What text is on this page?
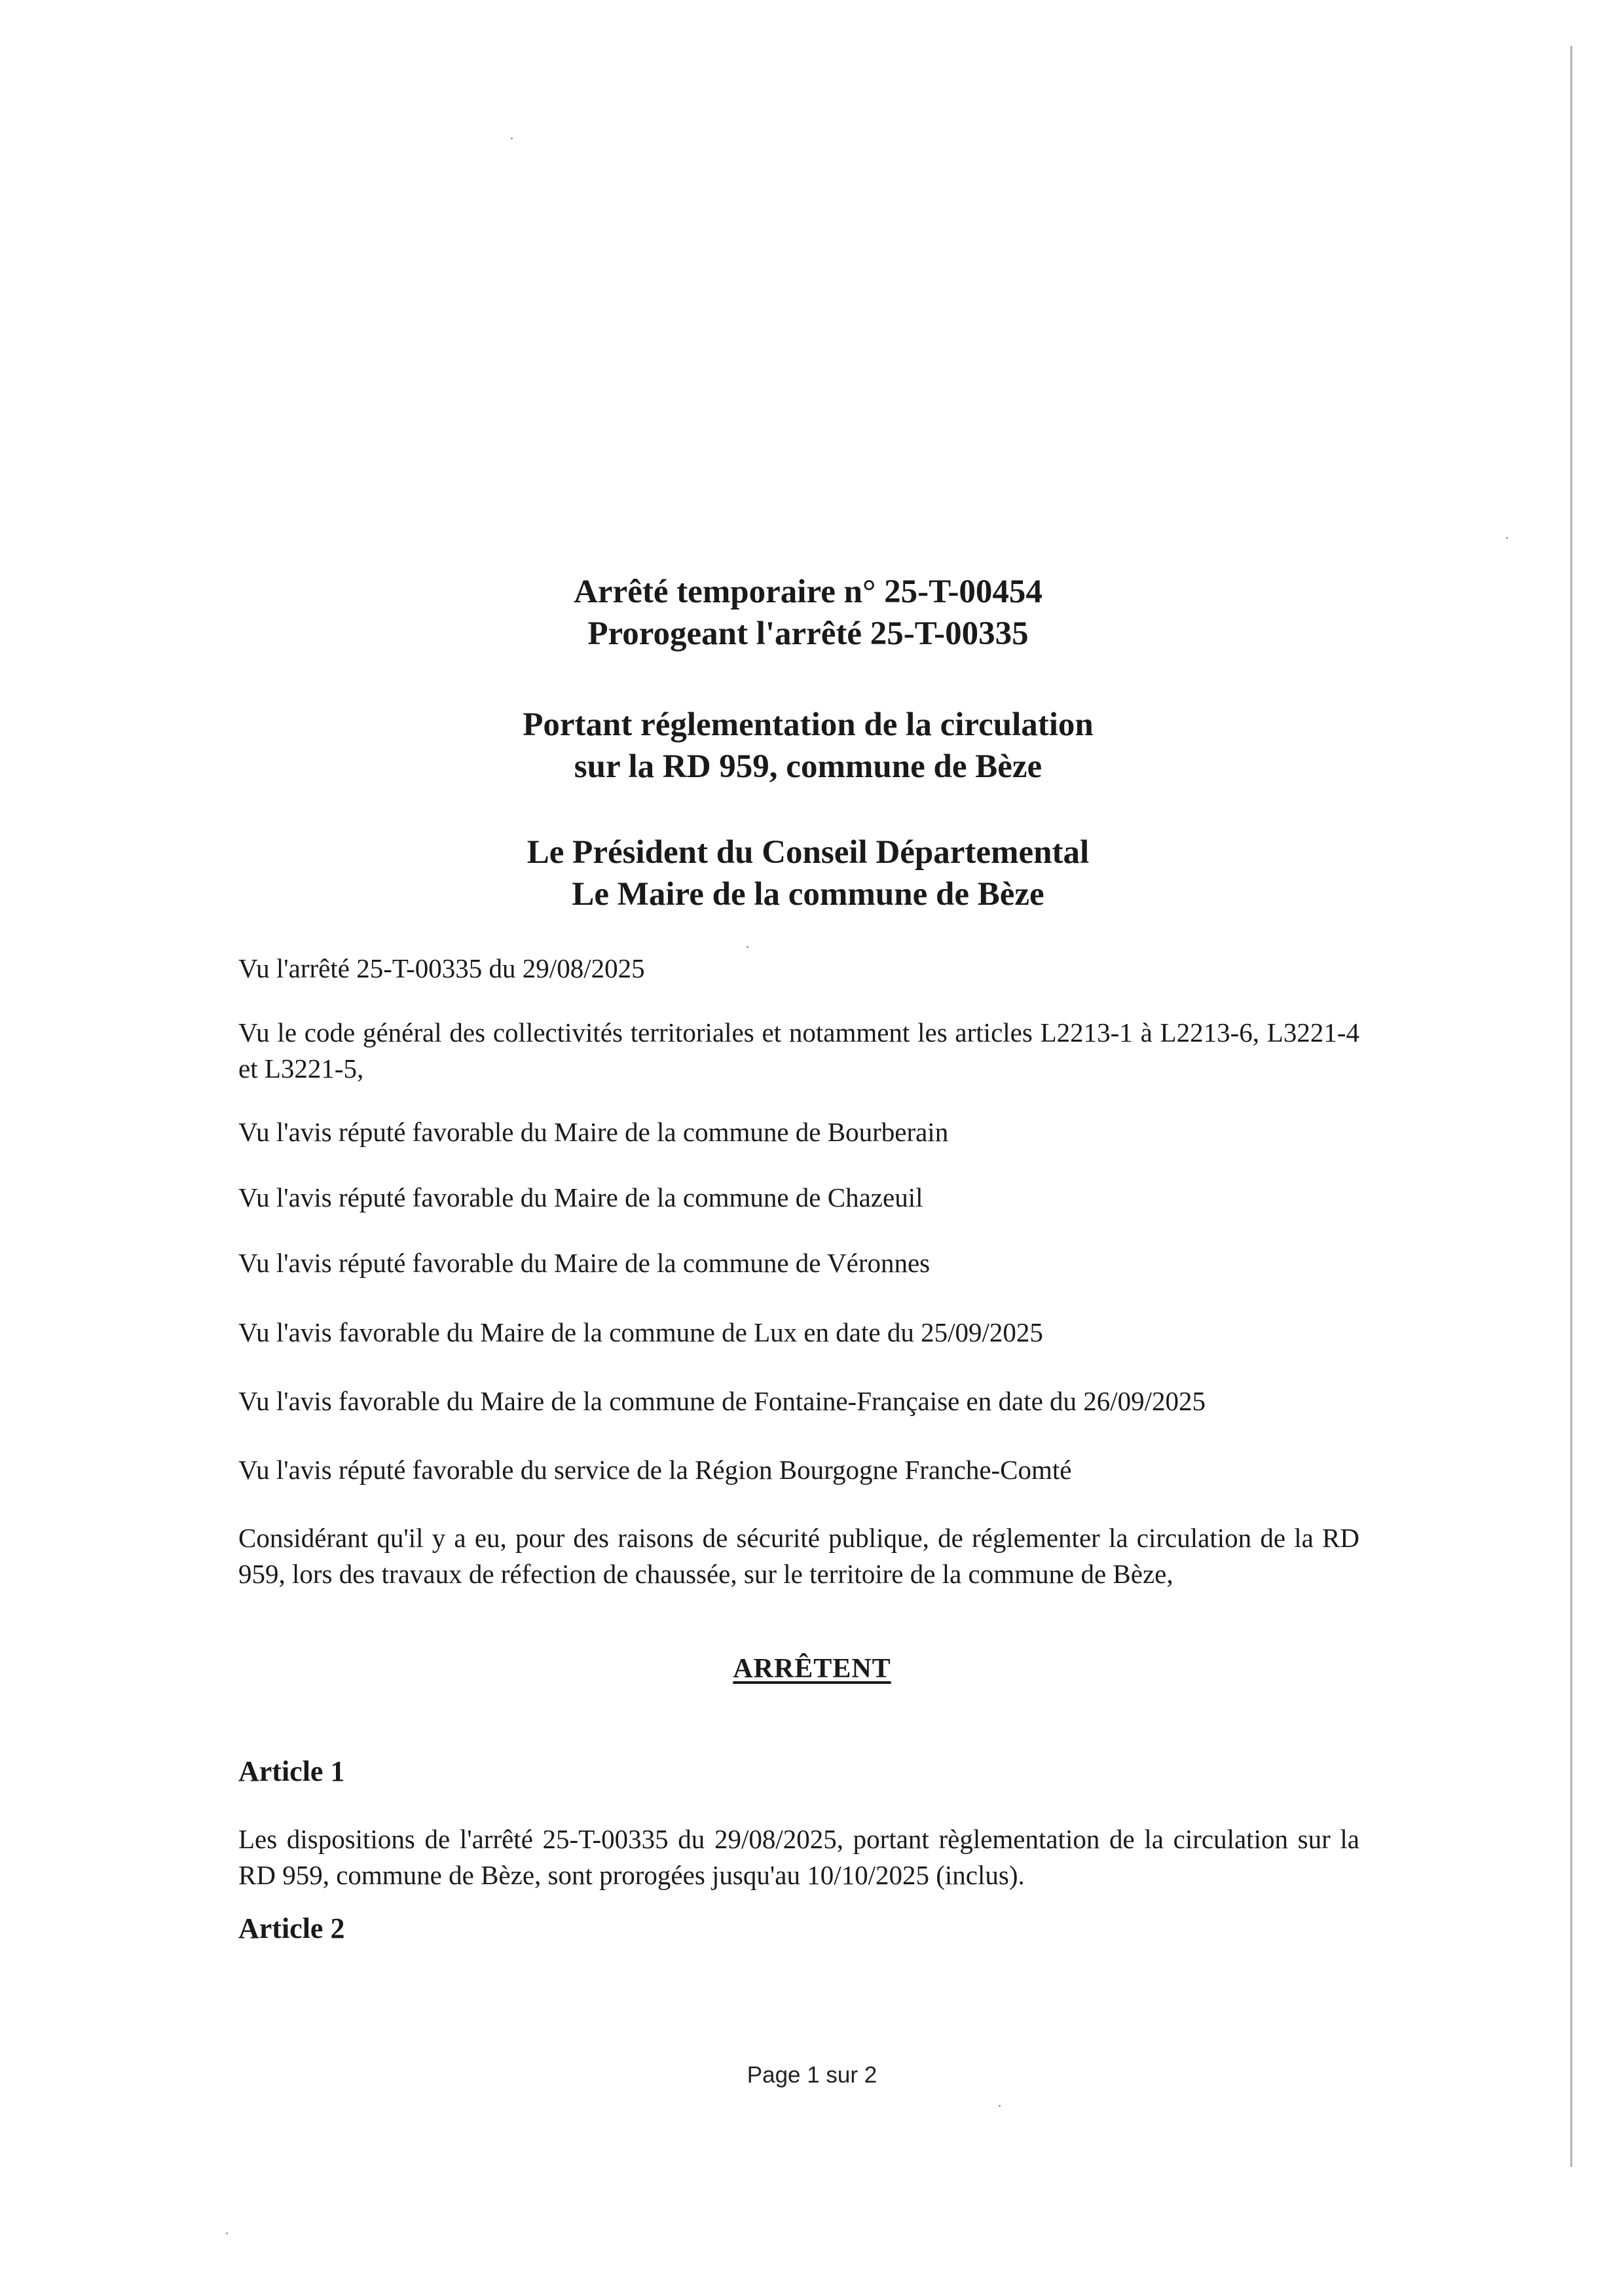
Arrêté temporaire n° 25-T-00454
Prorogeant l'arrêté 25-T-00335
Portant réglementation de la circulation
sur la RD 959, commune de Bèze
Le Président du Conseil Départemental
Le Maire de la commune de Bèze
Vu l'arrêté 25-T-00335 du 29/08/2025
Vu le code général des collectivités territoriales et notamment les articles L2213-1 à L2213-6, L3221-4 et L3221-5,
Vu l'avis réputé favorable du Maire de la commune de Bourberain
Vu l'avis réputé favorable du Maire de la commune de Chazeuil
Vu l'avis réputé favorable du Maire de la commune de Véronnes
Vu l'avis favorable du Maire de la commune de Lux en date du 25/09/2025
Vu l'avis favorable du Maire de la commune de Fontaine-Française en date du 26/09/2025
Vu l'avis réputé favorable du service de la Région Bourgogne Franche-Comté
Considérant qu'il y a eu, pour des raisons de sécurité publique, de réglementer la circulation de la RD 959, lors des travaux de réfection de chaussée, sur le territoire de la commune de Bèze,
ARRÊTENT
Article 1
Les dispositions de l'arrêté 25-T-00335 du 29/08/2025, portant règlementation de la circulation sur la RD 959, commune de Bèze, sont prorogées jusqu'au 10/10/2025 (inclus).
Article 2
Page 1 sur 2
